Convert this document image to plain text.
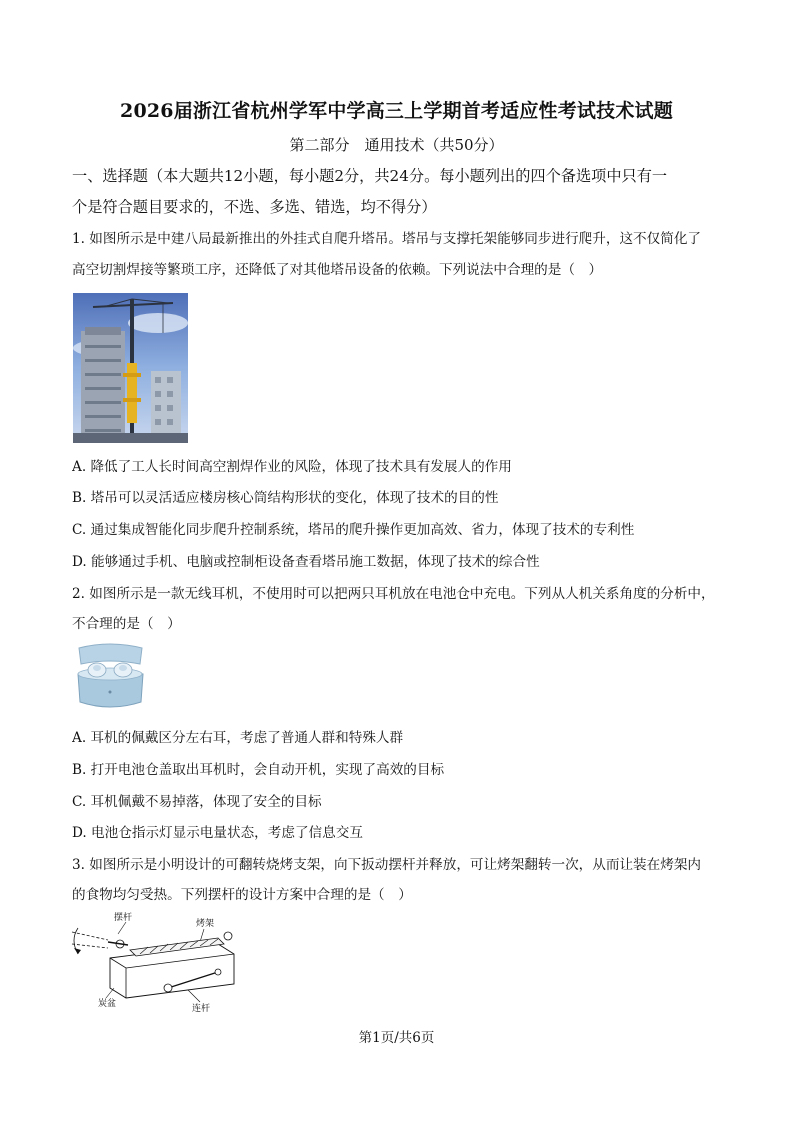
2026届浙江省杭州学军中学高三上学期首考适应性考试技术试题
第二部分　通用技术（共50分）
一、选择题（本大题共12小题，每小题2分，共24分。每小题列出的四个备选项中只有一
个是符合题目要求的，不选、多选、错选，均不得分）
1. 如图所示是中建八局最新推出的外挂式自爬升塔吊。塔吊与支撑托架能够同步进行爬升，这不仅简化了
高空切割焊接等繁琐工序，还降低了对其他塔吊设备的依赖。下列说法中合理的是（　）
A. 降低了工人长时间高空割焊作业的风险，体现了技术具有发展人的作用
B. 塔吊可以灵活适应楼房核心筒结构形状的变化，体现了技术的目的性
C. 通过集成智能化同步爬升控制系统，塔吊的爬升操作更加高效、省力，体现了技术的专利性
D. 能够通过手机、电脑或控制柜设备查看塔吊施工数据，体现了技术的综合性
2. 如图所示是一款无线耳机，不使用时可以把两只耳机放在电池仓中充电。下列从人机关系角度的分析中，
不合理的是（　）
A. 耳机的佩戴区分左右耳，考虑了普通人群和特殊人群
B. 打开电池仓盖取出耳机时，会自动开机，实现了高效的目标
C. 耳机佩戴不易掉落，体现了安全的目标
D. 电池仓指示灯显示电量状态，考虑了信息交互
3. 如图所示是小明设计的可翻转烧烤支架，向下扳动摆杆并释放，可让烤架翻转一次，从而让装在烤架内
的食物均匀受热。下列摆杆的设计方案中合理的是（　）
摆杆
烤架
炭盆	连杆
第1页/共6页
